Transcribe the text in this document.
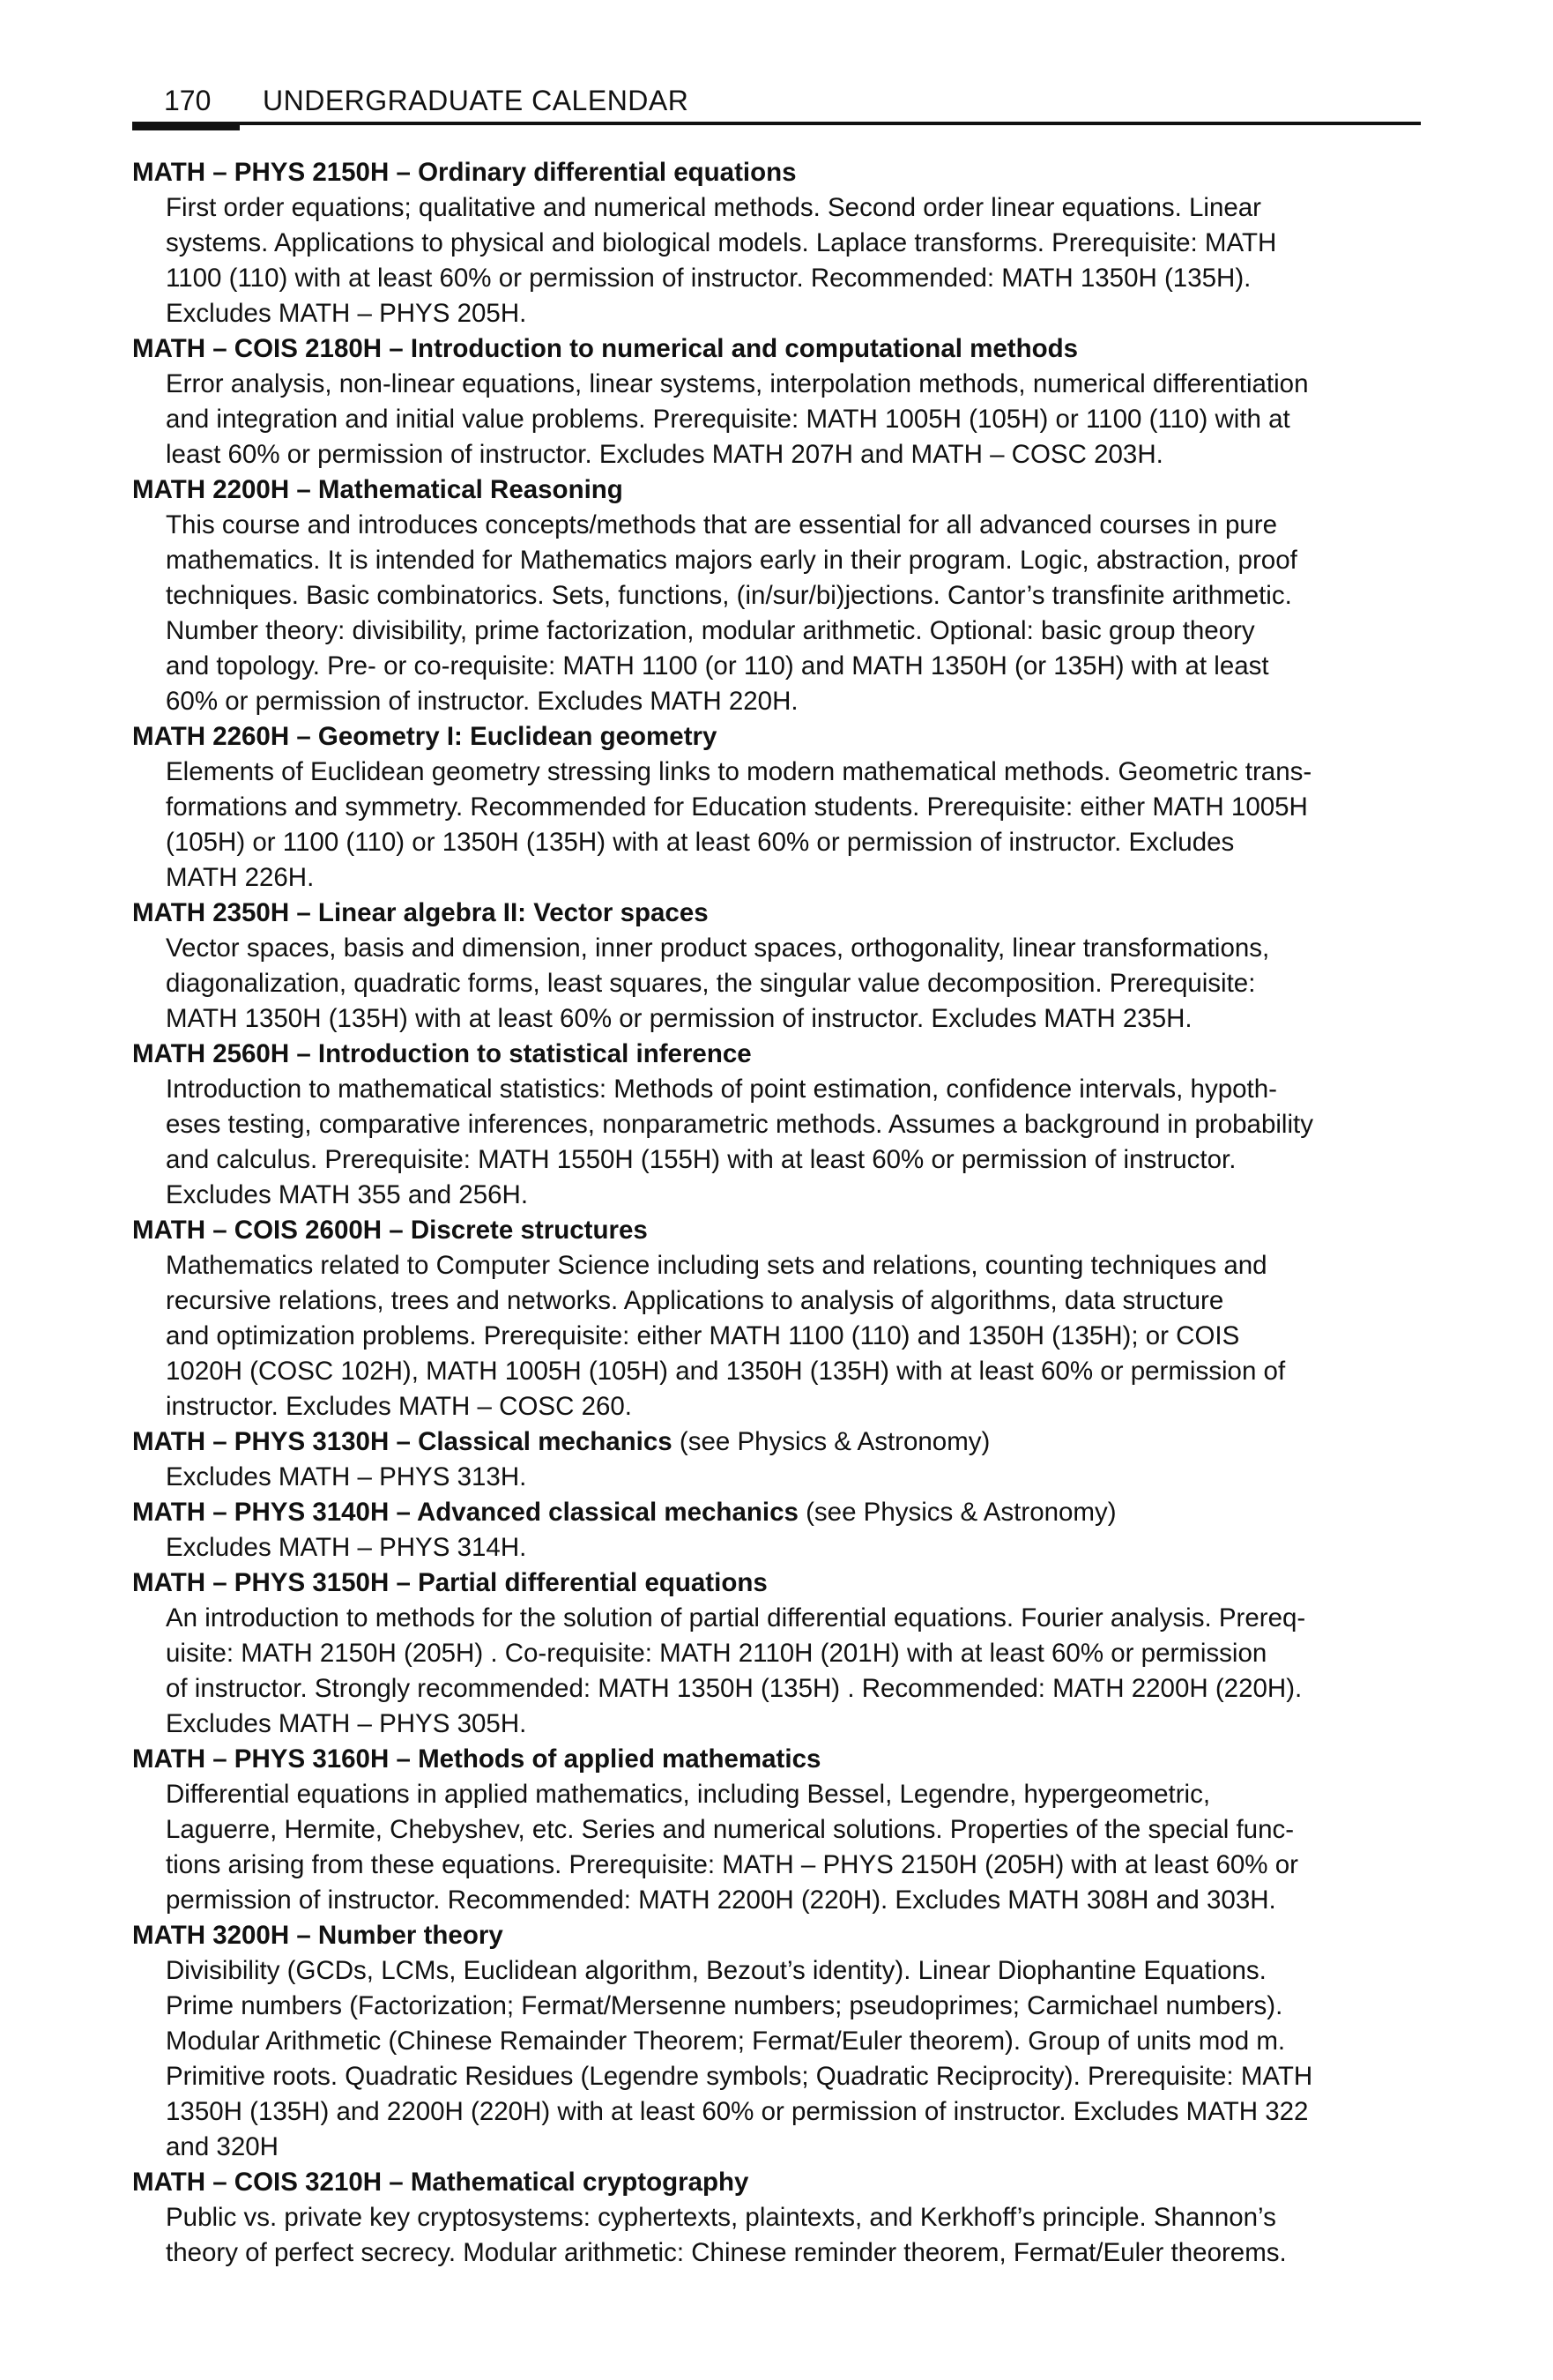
170 UNDERGRADUATE CALENDAR
MATH – PHYS 2150H – Ordinary differential equations
First order equations; qualitative and numerical methods. Second order linear equations. Linear
systems. Applications to physical and biological models. Laplace transforms. Prerequisite: MATH
1100 (110) with at least 60% or permission of instructor. Recommended: MATH 1350H (135H).
Excludes MATH – PHYS 205H.
MATH – COIS 2180H – Introduction to numerical and computational methods
Error analysis, non-linear equations, linear systems, interpolation methods, numerical differentiation
and integration and initial value problems. Prerequisite: MATH 1005H (105H) or 1100 (110) with at
least 60% or permission of instructor. Excludes MATH 207H and MATH – COSC 203H.
MATH 2200H – Mathematical Reasoning
This course and introduces concepts/methods that are essential for all advanced courses in pure
mathematics. It is intended for Mathematics majors early in their program. Logic, abstraction, proof
techniques. Basic combinatorics. Sets, functions, (in/sur/bi)jections. Cantor’s transfinite arithmetic.
Number theory: divisibility, prime factorization, modular arithmetic. Optional: basic group theory
and topology. Pre- or co-requisite: MATH 1100 (or 110) and MATH 1350H (or 135H) with at least
60% or permission of instructor. Excludes MATH 220H.
MATH 2260H – Geometry I: Euclidean geometry
Elements of Euclidean geometry stressing links to modern mathematical methods. Geometric trans-
formations and symmetry. Recommended for Education students. Prerequisite: either MATH 1005H
(105H) or 1100 (110) or 1350H (135H) with at least 60% or permission of instructor. Excludes
MATH 226H.
MATH 2350H – Linear algebra II: Vector spaces
Vector spaces, basis and dimension, inner product spaces, orthogonality, linear transformations,
diagonalization, quadratic forms, least squares, the singular value decomposition. Prerequisite:
MATH 1350H (135H) with at least 60% or permission of instructor. Excludes MATH 235H.
MATH 2560H – Introduction to statistical inference
Introduction to mathematical statistics: Methods of point estimation, confidence intervals, hypoth-
eses testing, comparative inferences, nonparametric methods. Assumes a background in probability
and calculus. Prerequisite: MATH 1550H (155H) with at least 60% or permission of instructor.
Excludes MATH 355 and 256H.
MATH – COIS 2600H – Discrete structures
Mathematics related to Computer Science including sets and relations, counting techniques and
recursive relations, trees and networks. Applications to analysis of algorithms, data structure
and optimization problems. Prerequisite: either MATH 1100 (110) and 1350H (135H); or COIS
1020H (COSC 102H), MATH 1005H (105H) and 1350H (135H) with at least 60% or permission of
instructor. Excludes MATH – COSC 260.
MATH – PHYS 3130H – Classical mechanics (see Physics & Astronomy)
Excludes MATH – PHYS 313H.
MATH – PHYS 3140H – Advanced classical mechanics (see Physics & Astronomy)
Excludes MATH – PHYS 314H.
MATH – PHYS 3150H – Partial differential equations
An introduction to methods for the solution of partial differential equations. Fourier analysis. Prereq-
uisite: MATH 2150H (205H) . Co-requisite: MATH 2110H (201H) with at least 60% or permission
of instructor. Strongly recommended: MATH 1350H (135H) . Recommended: MATH 2200H (220H).
Excludes MATH – PHYS 305H.
MATH – PHYS 3160H – Methods of applied mathematics
Differential equations in applied mathematics, including Bessel, Legendre, hypergeometric,
Laguerre, Hermite, Chebyshev, etc. Series and numerical solutions. Properties of the special func-
tions arising from these equations. Prerequisite: MATH – PHYS 2150H (205H) with at least 60% or
permission of instructor. Recommended: MATH 2200H (220H). Excludes MATH 308H and 303H.
MATH 3200H – Number theory
Divisibility (GCDs, LCMs, Euclidean algorithm, Bezout’s identity). Linear Diophantine Equations.
Prime numbers (Factorization; Fermat/Mersenne numbers; pseudoprimes; Carmichael numbers).
Modular Arithmetic (Chinese Remainder Theorem; Fermat/Euler theorem). Group of units mod m.
Primitive roots. Quadratic Residues (Legendre symbols; Quadratic Reciprocity). Prerequisite: MATH
1350H (135H) and 2200H (220H) with at least 60% or permission of instructor. Excludes MATH 322
and 320H
MATH – COIS 3210H – Mathematical cryptography
Public vs. private key cryptosystems: cyphertexts, plaintexts, and Kerkhoff’s principle. Shannon’s
theory of perfect secrecy. Modular arithmetic: Chinese reminder theorem, Fermat/Euler theorems.
